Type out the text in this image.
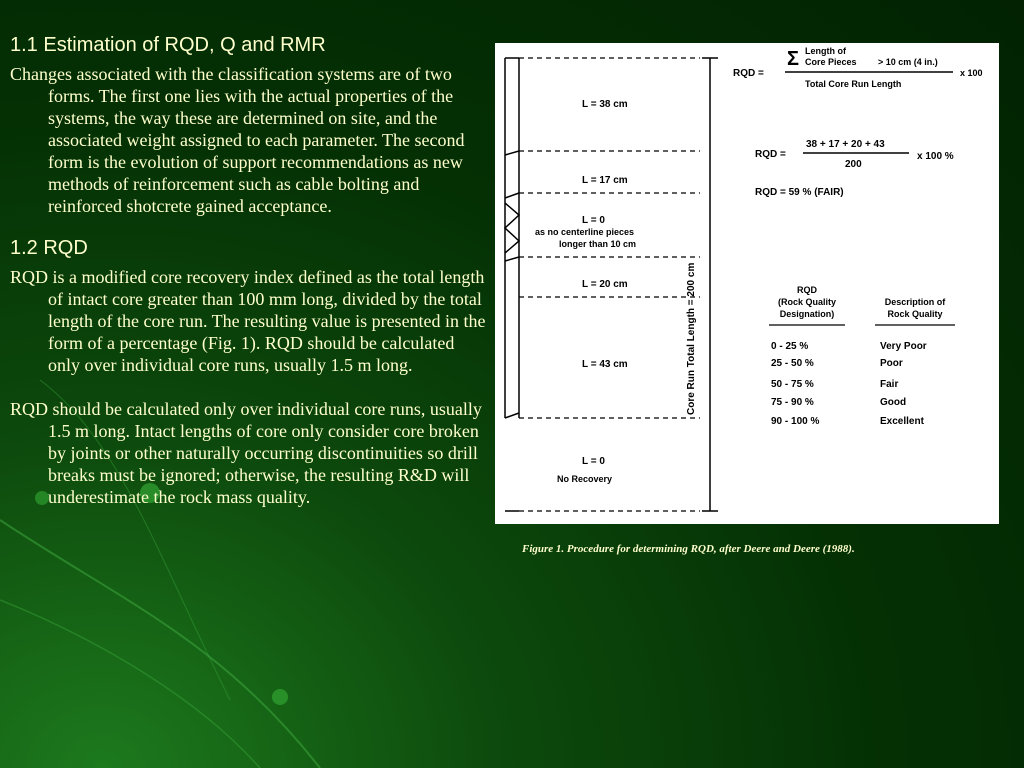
1.1 Estimation of RQD, Q and RMR

Changes associated with the classification systems are of two forms. The first one lies with the actual properties of the systems, the way these are determined on site, and the associated weight assigned to each parameter. The second form is the evolution of support recommendations as new methods of reinforcement such as cable bolting and reinforced shotcrete gained acceptance.

1.2 RQD

RQD is a modified core recovery index defined as the total length of intact core greater than 100 mm long, divided by the total length of the core run. The resulting value is presented in the form of a percentage (Fig. 1). RQD should be calculated only over individual core runs, usually 1.5 m long.

RQD should be calculated only over individual core runs, usually 1.5 m long. Intact lengths of core only consider core broken by joints or other naturally occurring discontinuities so drill breaks must be ignored; otherwise, the resulting R&D will underestimate the rock mass quality.

L = 38 cm
L = 17 cm
L = 0
as no centerline pieces
longer than 10 cm
L = 20 cm
L = 43 cm
L = 0
No Recovery
Core Run Total Length = 200 cm
RQD =
Σ Length of
Core Pieces > 10 cm (4 in.)
Total Core Run Length
x 100
RQD =
38 + 17 + 20 + 43
200
x 100 %
RQD = 59 % (FAIR)
RQD
(Rock Quality
Designation)
Description of
Rock Quality
0 - 25 %	Very Poor
25 - 50 %	Poor
50 - 75 %	Fair
75 - 90 %	Good
90 - 100 %	Excellent
Figure 1. Procedure for determining RQD, after Deere and Deere (1988).
